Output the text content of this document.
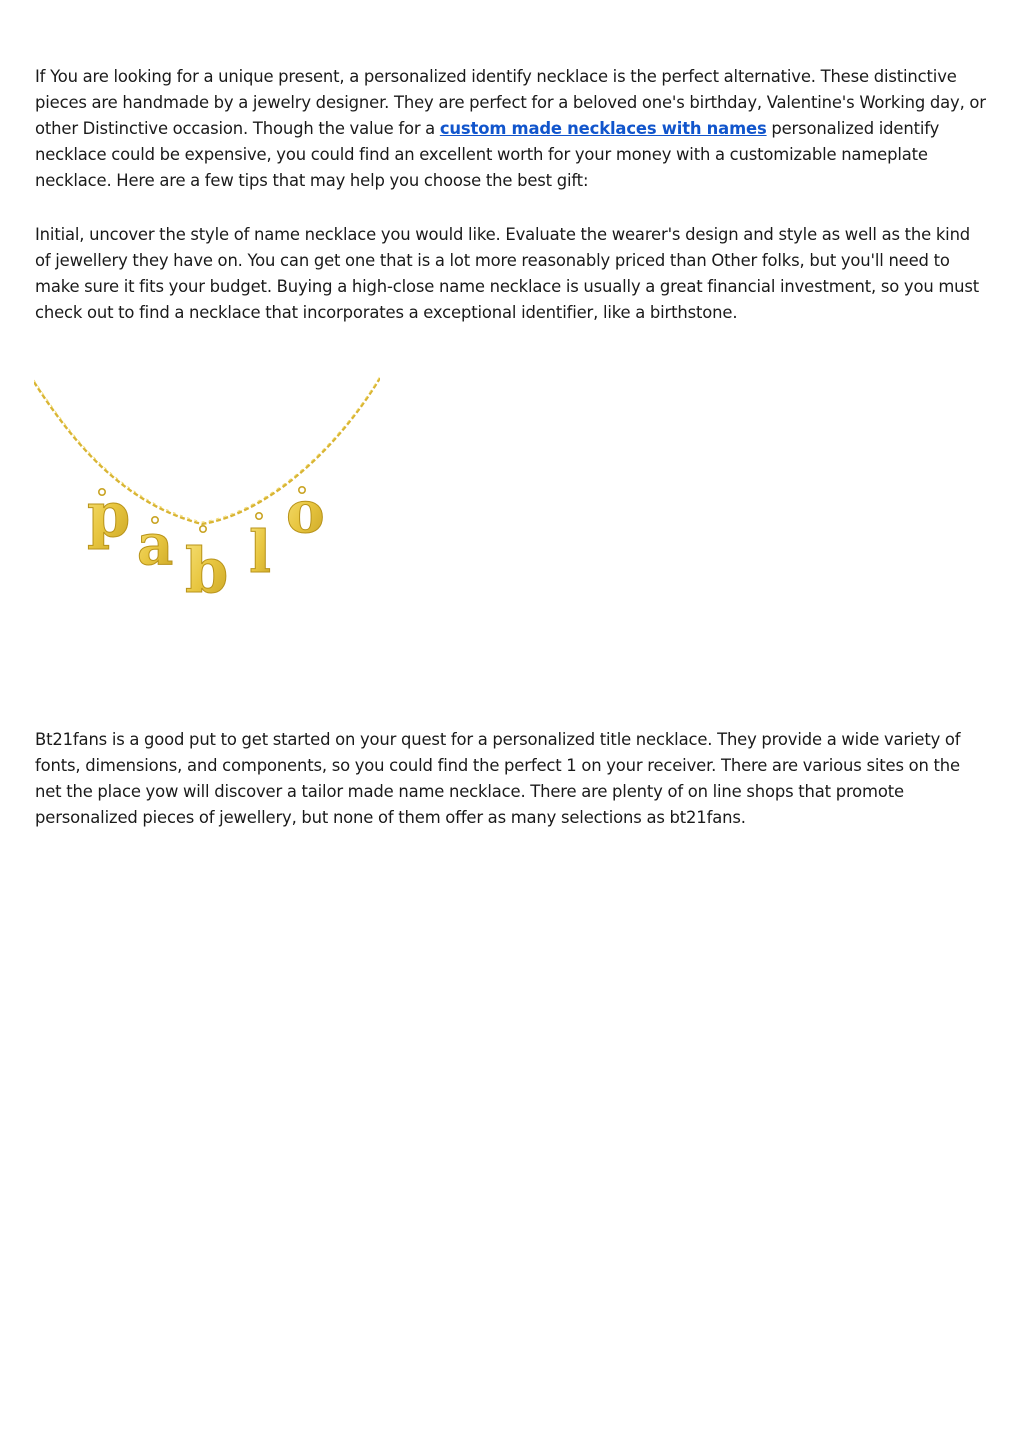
If You are looking for a unique present, a personalized identify necklace is the perfect alternative. These distinctive pieces are handmade by a jewelry designer. They are perfect for a beloved one's birthday, Valentine's Working day, or other Distinctive occasion. Though the value for a custom made necklaces with names personalized identify necklace could be expensive, you could find an excellent worth for your money with a customizable nameplate necklace. Here are a few tips that may help you choose the best gift:

Initial, uncover the style of name necklace you would like. Evaluate the wearer's design and style as well as the kind of jewellery they have on. You can get one that is a lot more reasonably priced than Other folks, but you'll need to make sure it fits your budget. Buying a high-close name necklace is usually a great financial investment, so you must check out to find a necklace that incorporates a exceptional identifier, like a birthstone.

p a b l
o

Bt21fans is a good put to get started on your quest for a personalized title necklace. They provide a wide variety of fonts, dimensions, and components, so you could find the perfect 1 on your receiver. There are various sites on the net the place yow will discover a tailor made name necklace. There are plenty of on line shops that promote personalized pieces of jewellery, but none of them offer as many selections as bt21fans.
